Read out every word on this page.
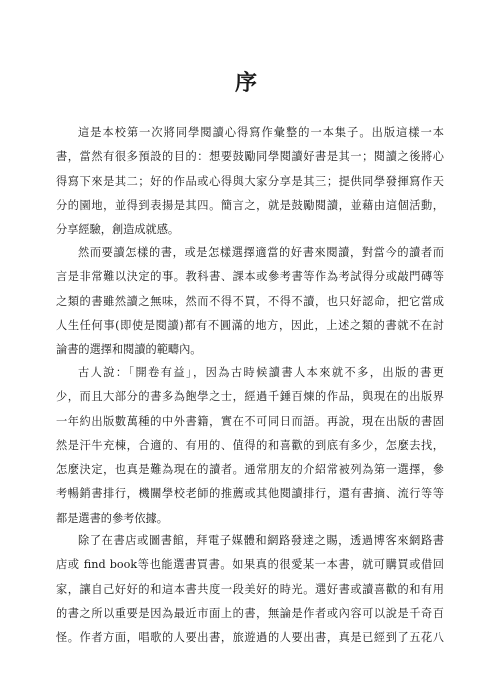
序
這是本校第一次將同學閱讀心得寫作彙整的一本集子。出版這樣一本
書，當然有很多預設的目的：想要鼓勵同學閱讀好書是其一；閱讀之後將心
得寫下來是其二；好的作品或心得與大家分享是其三；提供同學發揮寫作天
分的園地，並得到表揚是其四。簡言之，就是鼓勵閱讀，並藉由這個活動，
分享經驗，創造成就感。
然而要讀怎樣的書，或是怎樣選擇適當的好書來閱讀，對當今的讀者而
言是非常難以決定的事。教科書、課本或參考書等作為考試得分或敲門磚等
之類的書雖然讀之無味，然而不得不買，不得不讀，也只好認命，把它當成
人生任何事(即使是閱讀)都有不圓滿的地方，因此，上述之類的書就不在討
論書的選擇和閱讀的範疇內。
古人說：「開卷有益」，因為古時候讀書人本來就不多，出版的書更
少，而且大部分的書多為飽學之士，經過千錘百煉的作品，與現在的出版界
一年約出版數萬種的中外書籍，實在不可同日而語。再說，現在出版的書固
然是汗牛充棟，合適的、有用的、值得的和喜歡的到底有多少，怎麼去找，
怎麼決定，也真是難為現在的讀者。通常朋友的介紹常被列為第一選擇，參
考暢銷書排行，機關學校老師的推薦或其他閱讀排行，還有書摘、流行等等
都是選書的參考依據。
除了在書店或圖書館，拜電子媒體和網路發達之賜，透過博客來網路書
店或 find book等也能選書買書。如果真的很愛某一本書，就可購買或借回
家，讓自己好好的和這本書共度一段美好的時光。選好書或讀喜歡的和有用
的書之所以重要是因為最近市面上的書，無論是作者或內容可以說是千奇百
怪。作者方面，唱歌的人要出書，旅遊過的人要出書，真是已經到了五花八
